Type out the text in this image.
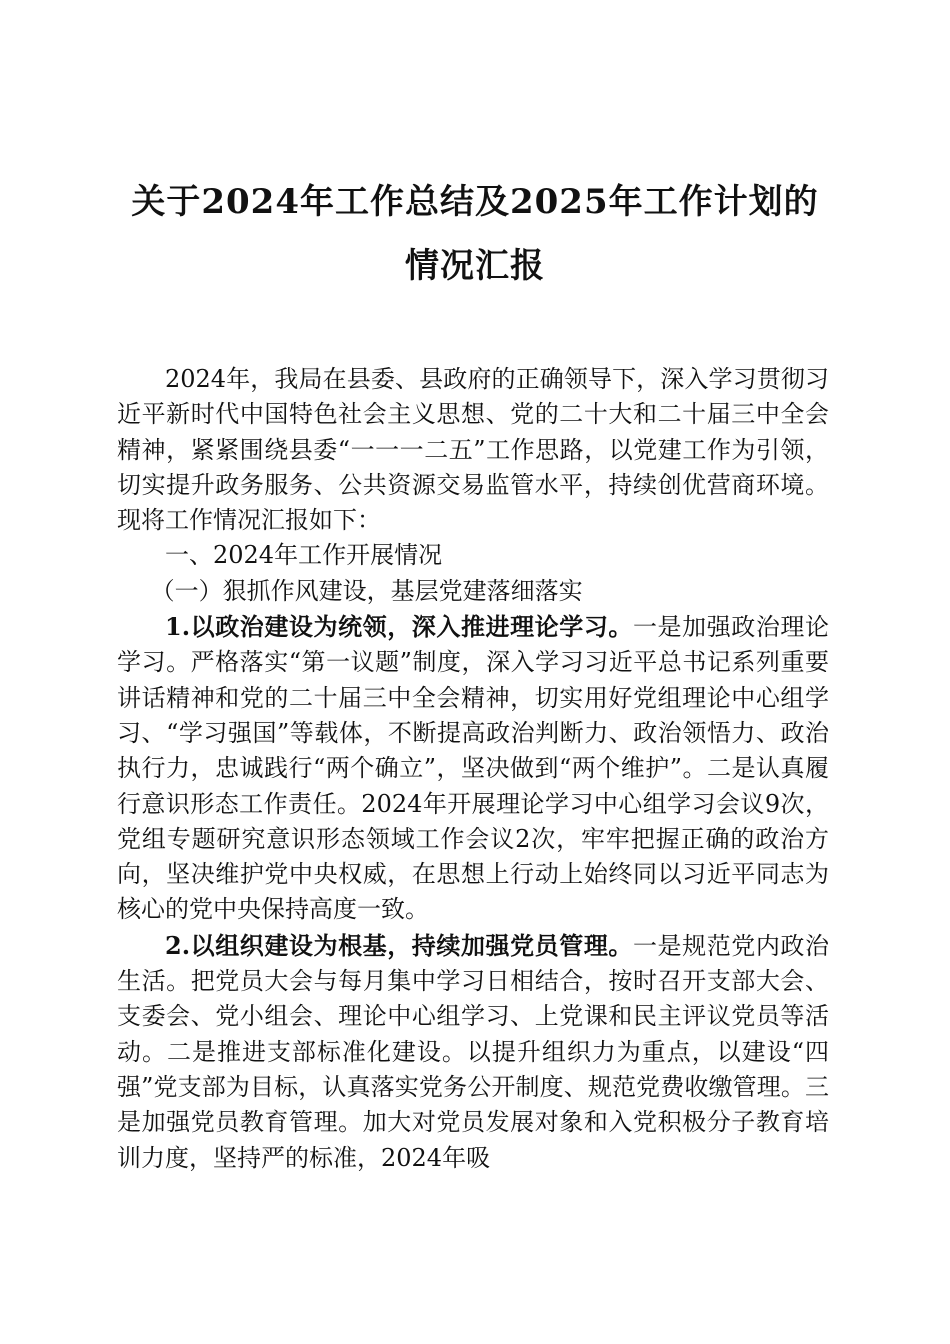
关于2024年工作总结及2025年工作计划的情况汇报

2024年，我局在县委、县政府的正确领导下，深入学习贯彻习近平新时代中国特色社会主义思想、党的二十大和二十届三中全会精神，紧紧围绕县委“一一一二五”工作思路，以党建工作为引领，切实提升政务服务、公共资源交易监管水平，持续创优营商环境。现将工作情况汇报如下：

一、2024年工作开展情况

（一）狠抓作风建设，基层党建落细落实

1.以政治建设为统领，深入推进理论学习。一是加强政治理论学习。严格落实“第一议题”制度，深入学习习近平总书记系列重要讲话精神和党的二十届三中全会精神，切实用好党组理论中心组学习、“学习强国”等载体，不断提高政治判断力、政治领悟力、政治执行力，忠诚践行“两个确立”，坚决做到“两个维护”。二是认真履行意识形态工作责任。2024年开展理论学习中心组学习会议9次，党组专题研究意识形态领域工作会议2次，牢牢把握正确的政治方向，坚决维护党中央权威，在思想上行动上始终同以习近平同志为核心的党中央保持高度一致。

2.以组织建设为根基，持续加强党员管理。一是规范党内政治生活。把党员大会与每月集中学习日相结合，按时召开支部大会、支委会、党小组会、理论中心组学习、上党课和民主评议党员等活动。二是推进支部标准化建设。以提升组织力为重点，以建设“四强”党支部为目标，认真落实党务公开制度、规范党费收缴管理。三是加强党员教育管理。加大对党员发展对象和入党积极分子教育培训力度，坚持严的标准，2024年吸
